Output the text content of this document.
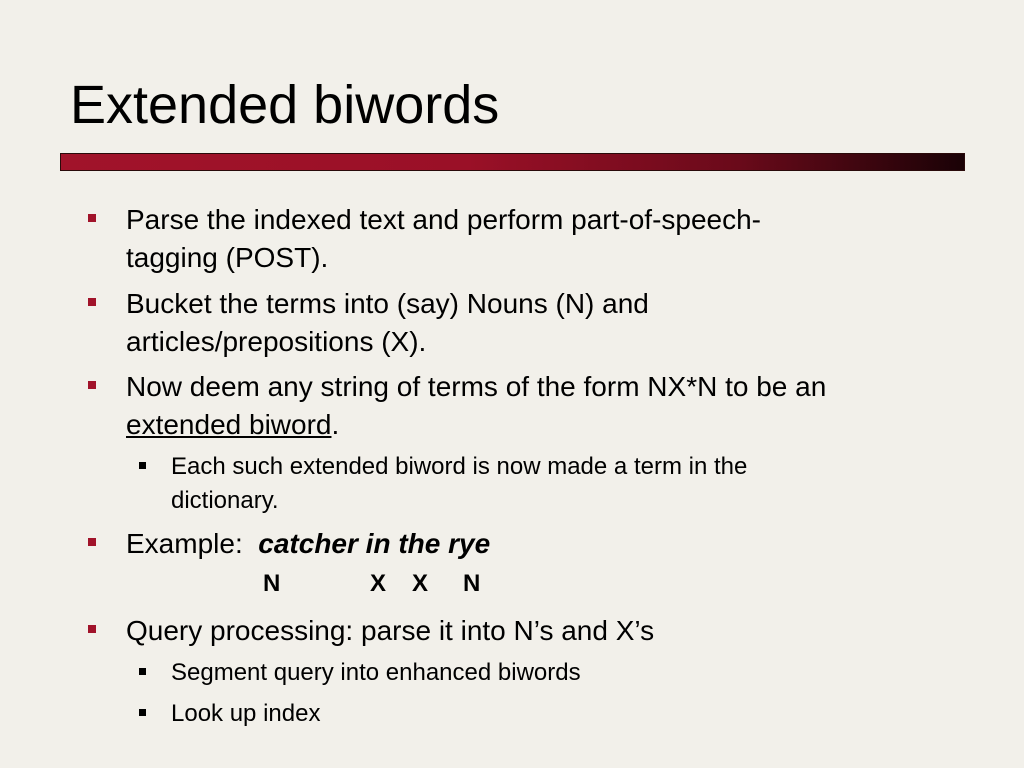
Extended biwords
Parse the indexed text and perform part-of-speech-
tagging (POST).
Bucket the terms into (say) Nouns (N) and
articles/prepositions (X).
Now deem any string of terms of the form NX*N to be an
extended biword.
Each such extended biword is now made a term in the
dictionary.
Example:  catcher in the rye
N	X X N
Query processing: parse it into N’s and X’s
Segment query into enhanced biwords
Look up index
